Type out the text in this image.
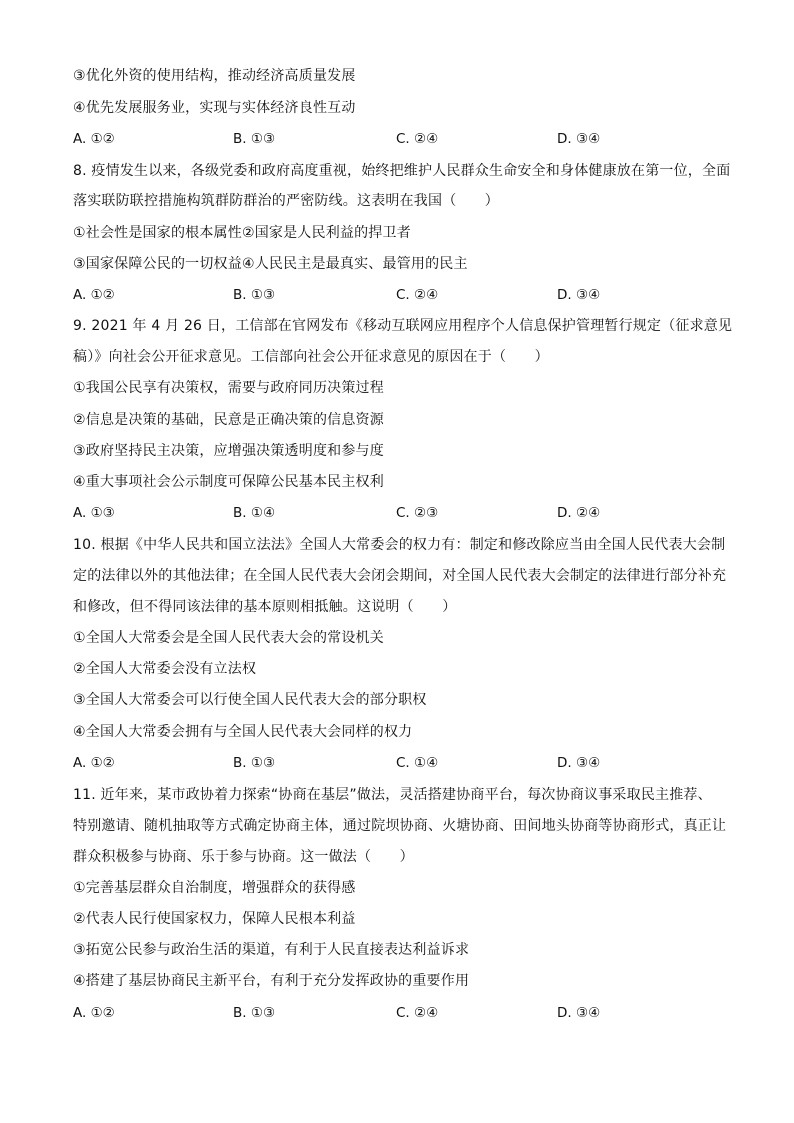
③优化外资的使用结构，推动经济高质量发展
④优先发展服务业，实现与实体经济良性互动
A. ①②	B. ①③	C. ②④	D. ③④
8. 疫情发生以来，各级党委和政府高度重视，始终把维护人民群众生命安全和身体健康放在第一位，全面
落实联防联控措施构筑群防群治的严密防线。这表明在我国（　　）
①社会性是国家的根本属性②国家是人民利益的捍卫者
③国家保障公民的一切权益④人民民主是最真实、最管用的民主
A. ①②	B. ①③	C. ②④	D. ③④
9. 2021 年 4 月 26 日，工信部在官网发布《移动互联网应用程序个人信息保护管理暂行规定（征求意见
稿）》向社会公开征求意见。工信部向社会公开征求意见的原因在于（　　）
①我国公民享有决策权，需要与政府同历决策过程
②信息是决策的基础，民意是正确决策的信息资源
③政府坚持民主决策，应增强决策透明度和参与度
④重大事项社会公示制度可保障公民基本民主权利
A. ①③	B. ①④	C. ②③	D. ②④
10. 根据《中华人民共和国立法法》全国人大常委会的权力有：制定和修改除应当由全国人民代表大会制
定的法律以外的其他法律；在全国人民代表大会闭会期间，对全国人民代表大会制定的法律进行部分补充
和修改，但不得同该法律的基本原则相抵触。这说明（　　）
①全国人大常委会是全国人民代表大会的常设机关
②全国人大常委会没有立法权
③全国人大常委会可以行使全国人民代表大会的部分职权
④全国人大常委会拥有与全国人民代表大会同样的权力
A. ①②	B. ①③	C. ①④	D. ③④
11. 近年来，某市政协着力探索“协商在基层”做法，灵活搭建协商平台，每次协商议事采取民主推荐、
特别邀请、随机抽取等方式确定协商主体，通过院坝协商、火塘协商、田间地头协商等协商形式，真正让
群众积极参与协商、乐于参与协商。这一做法（　　）
①完善基层群众自治制度，增强群众的获得感
②代表人民行使国家权力，保障人民根本利益
③拓宽公民参与政治生活的渠道，有利于人民直接表达利益诉求
④搭建了基层协商民主新平台，有利于充分发挥政协的重要作用
A. ①②	B. ①③	C. ②④	D. ③④
